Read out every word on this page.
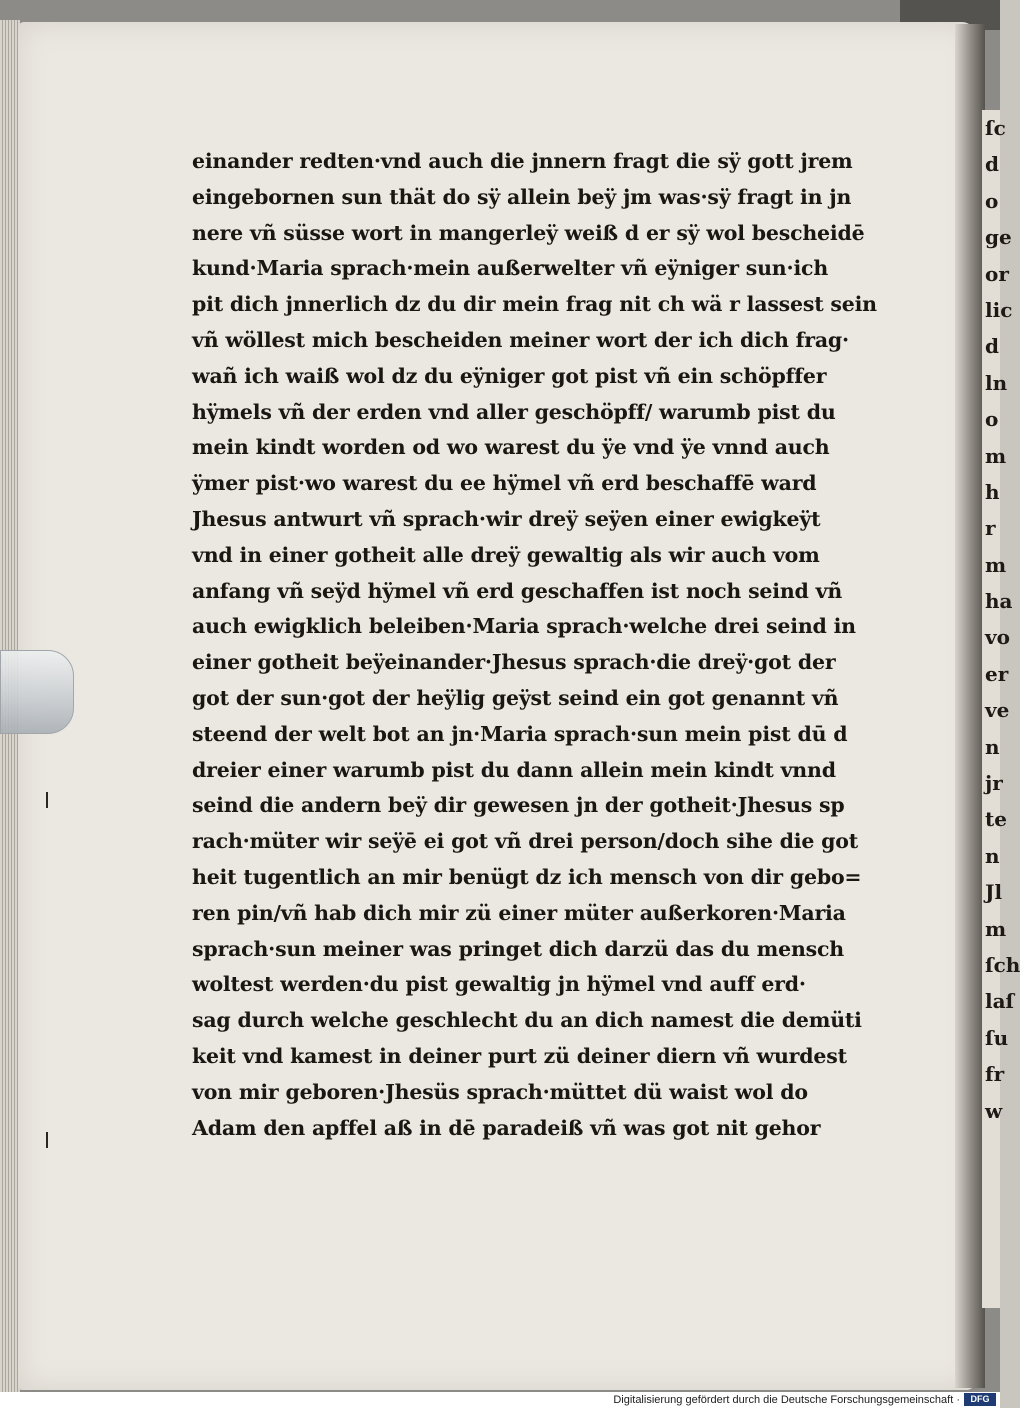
ſc
d
o
ge
or
lic
d
ln
o
m
h
r
m
ha
vo
er
ve
n
jr
te
n
Jl
m
ſch
laſ
ſu
fr
w
einander redten·vnd auch die jnnern fragt die sÿ gott jrem
eingebornen sun thät do sÿ allein beÿ jm was·sÿ fragt in jn
nere vñ süsse wort in mangerleÿ weiß d er sÿ wol bescheidē
kund·Maria sprach·mein außerwelter vñ eÿniger sun·ich
pit dich jnnerlich dz du dir mein frag nit ch wä r lassest sein
vñ wöllest mich bescheiden meiner wort der ich dich frag·
wañ ich waiß wol dz du eÿniger got pist vñ ein schöpffer
hÿmels vñ der erden vnd aller geschöpff/ warumb pist du
mein kindt worden od wo warest du ÿe vnd ÿe vnnd auch
ÿmer pist·wo warest du ee hÿmel vñ erd beschaffē ward
Jhesus antwurt vñ sprach·wir dreÿ seÿen einer ewigkeÿt
vnd in einer gotheit alle dreÿ gewaltig als wir auch vom
anfang vñ seÿd hÿmel vñ erd geschaffen ist noch seind vñ
auch ewigklich beleiben·Maria sprach·welche drei seind in
einer gotheit beÿeinander·Jhesus sprach·die dreÿ·got der
got der sun·got der heÿlig geÿst seind ein got genannt vñ
steend der welt bot an jn·Maria sprach·sun mein pist dū d
dreier einer warumb pist du dann allein mein kindt vnnd
seind die andern beÿ dir gewesen jn der gotheit·Jhesus sp
rach·müter wir seÿē ei got vñ drei person/doch sihe die got
heit tugentlich an mir benügt dz ich mensch von dir gebo=
ren pin/vñ hab dich mir zü einer müter außerkoren·Maria
sprach·sun meiner was pringet dich darzü das du mensch
woltest werden·du pist gewaltig jn hÿmel vnd auff erd·
sag durch welche geschlecht du an dich namest die demüti
keit vnd kamest in deiner purt zü deiner diern vñ wurdest
von mir geboren·Jhesüs sprach·müttet dü waist wol do
Adam den apffel aß in dē paradeiß vñ was got nit gehor
Digitalisierung gefördert durch die Deutsche Forschungsgemeinschaft ·	DFG
